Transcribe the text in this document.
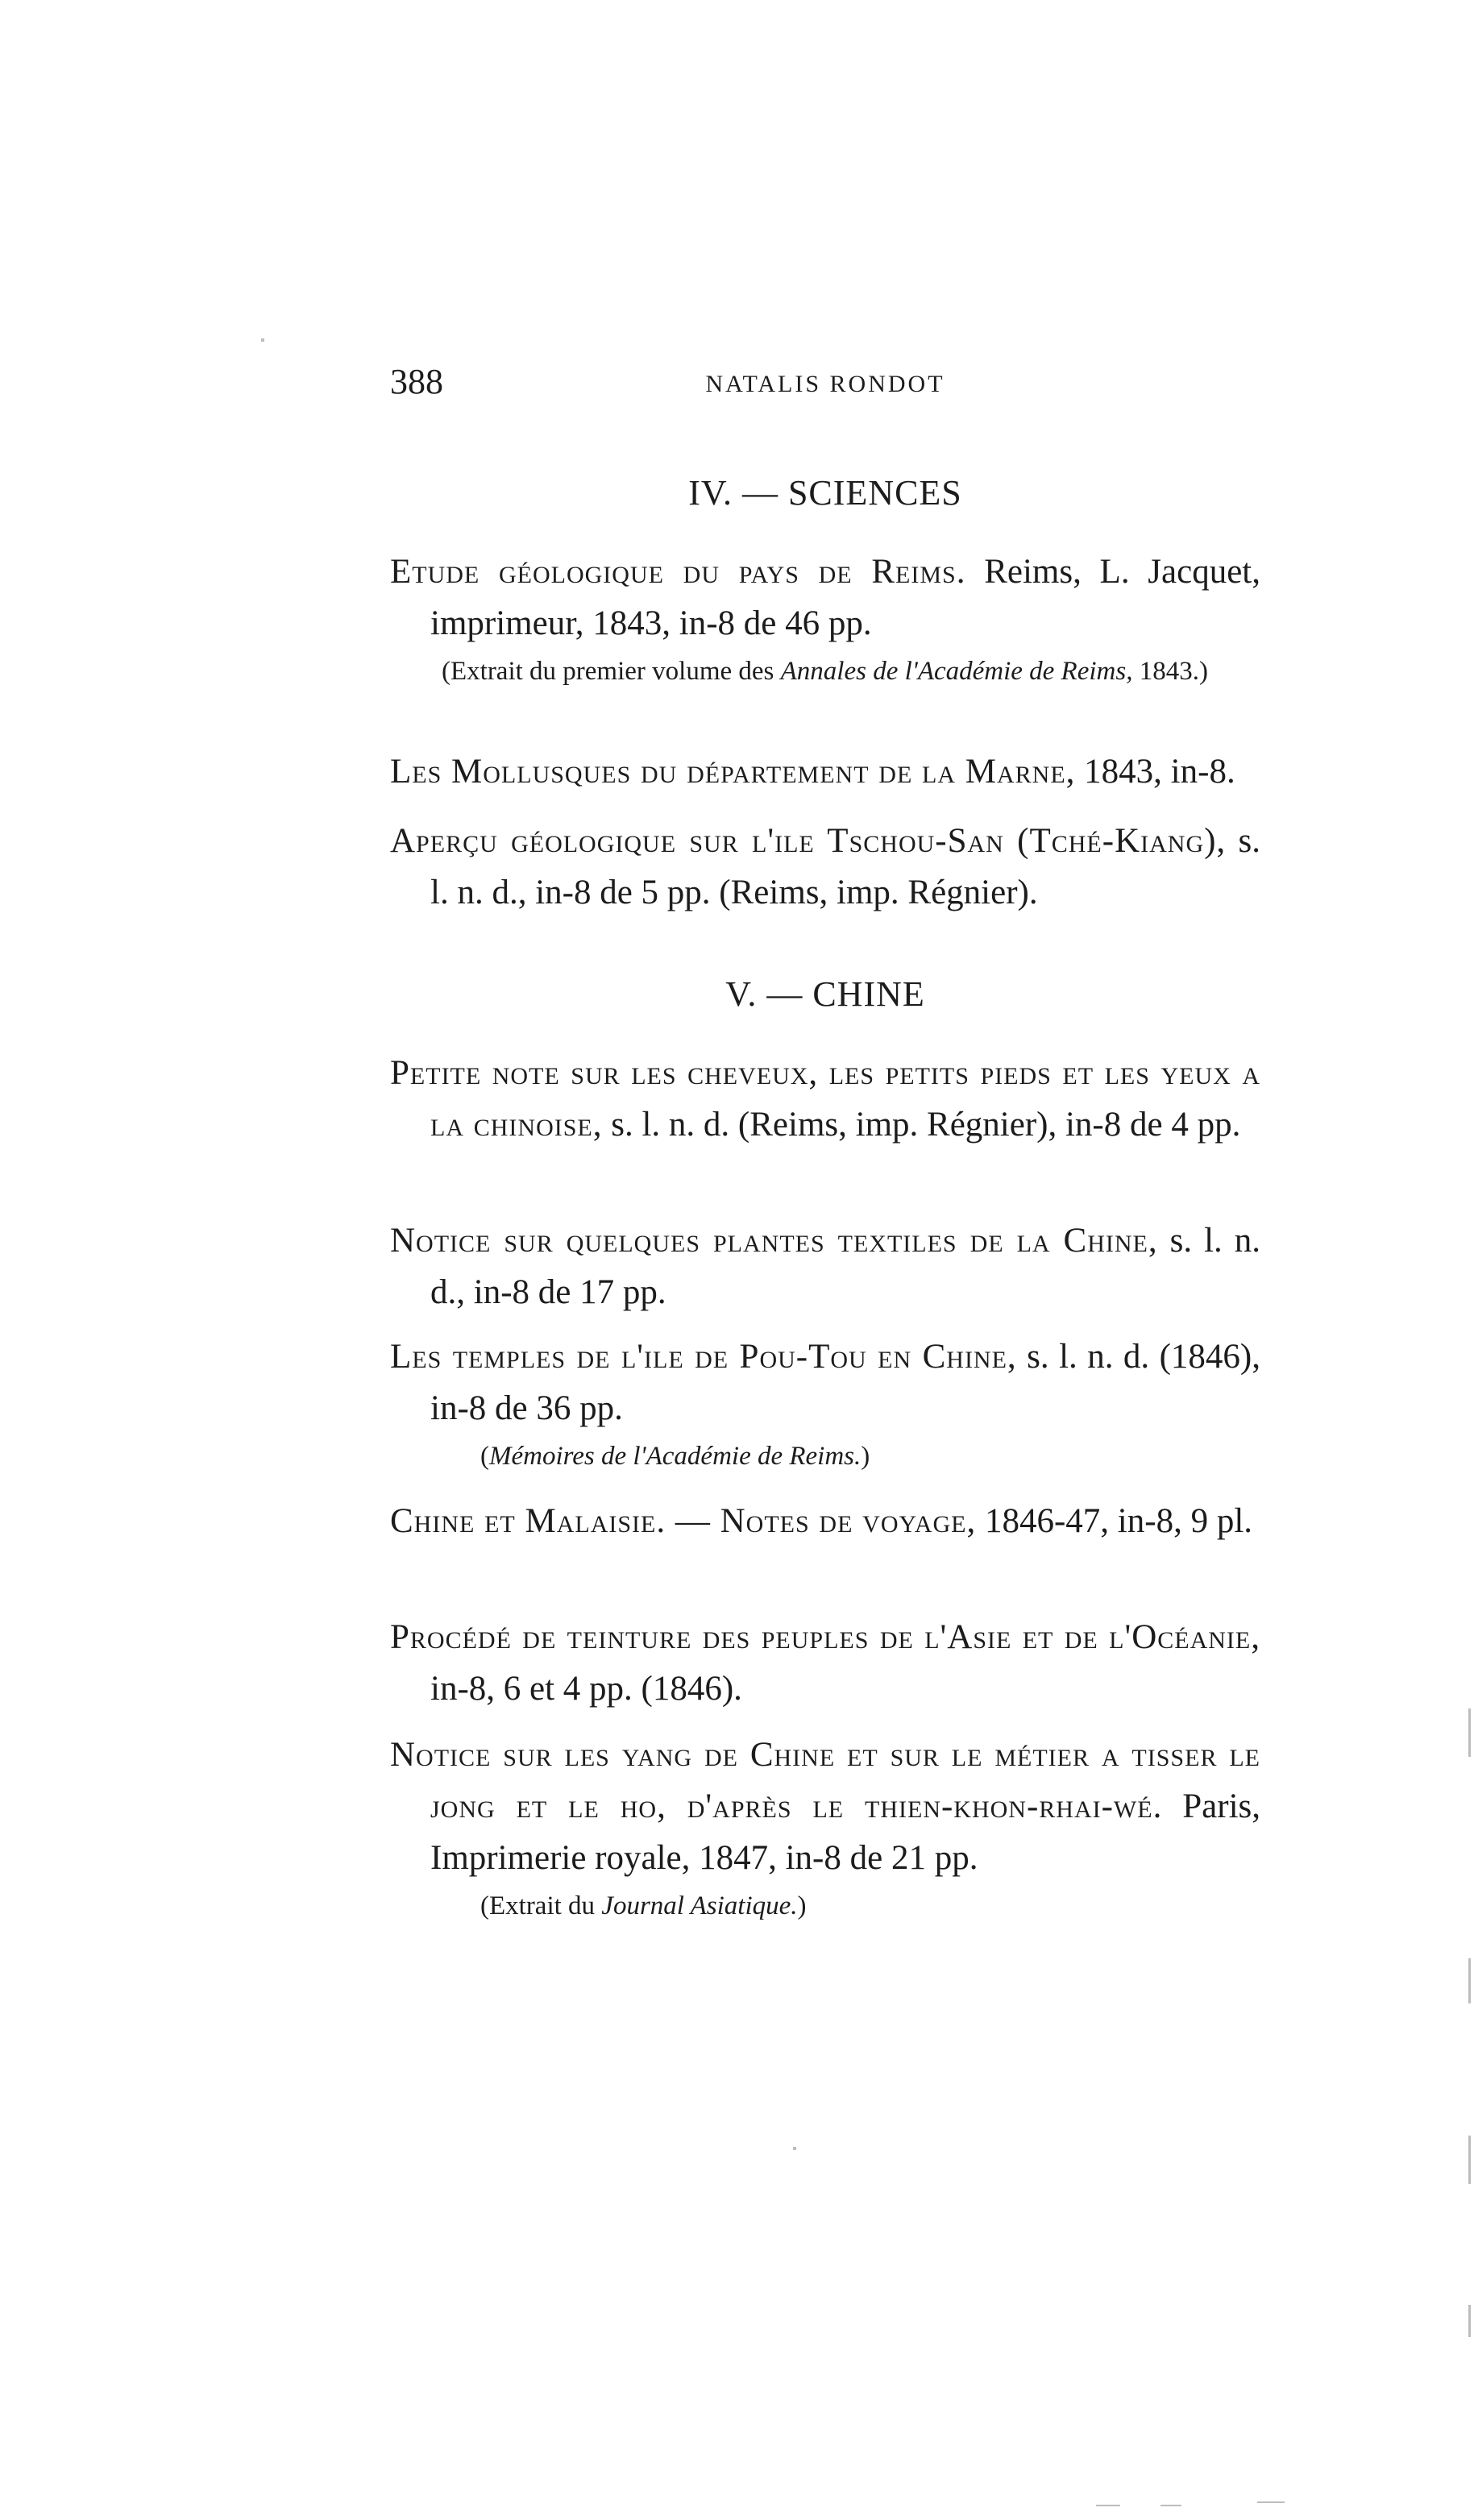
388	NATALIS RONDOT
IV. — SCIENCES
Etude géologique du pays de Reims. Reims, L. Jacquet, imprimeur, 1843, in-8 de 46 pp.
(Extrait du premier volume des Annales de l'Académie de Reims, 1843.)
Les Mollusques du département de la Marne, 1843, in-8.
Aperçu géologique sur l'ile Tschou-San (Tché-Kiang), s. l. n. d., in-8 de 5 pp. (Reims, imp. Régnier).
V. — CHINE
Petite note sur les cheveux, les petits pieds et les yeux a la chinoise, s. l. n. d. (Reims, imp. Régnier), in-8 de 4 pp.
Notice sur quelques plantes textiles de la Chine, s. l. n. d., in-8 de 17 pp.
Les temples de l'ile de Pou-Tou en Chine, s. l. n. d. (1846), in-8 de 36 pp.
(Mémoires de l'Académie de Reims.)
Chine et Malaisie. — Notes de voyage, 1846-47, in-8, 9 pl.
Procédé de teinture des peuples de l'Asie et de l'Océanie, in-8, 6 et 4 pp. (1846).
Notice sur les yang de Chine et sur le métier a tisser le jong et le ho, d'après le thien-khon-rhai-wé. Paris, Imprimerie royale, 1847, in-8 de 21 pp.
(Extrait du Journal Asiatique.)
